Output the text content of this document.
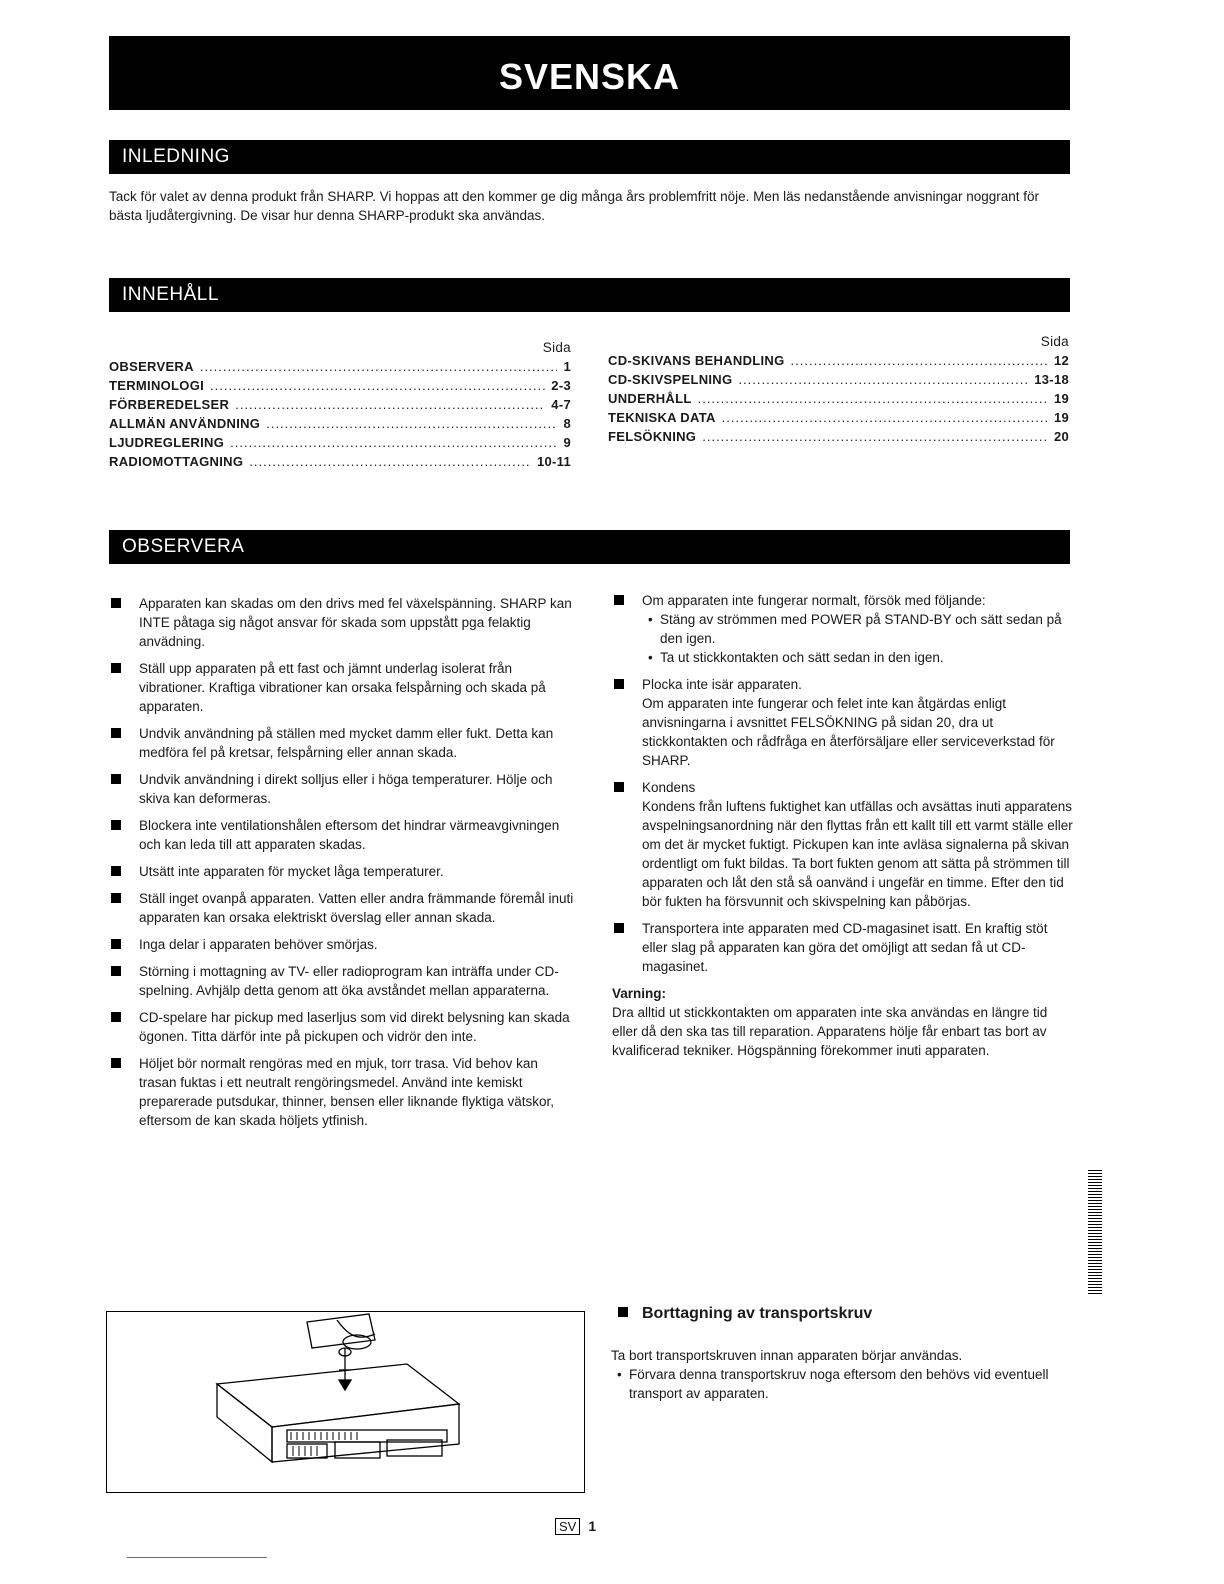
SVENSKA
INLEDNING

Tack för valet av denna produkt från SHARP. Vi hoppas att den kommer ge dig många års problemfritt nöje. Men läs nedanstående anvisningar noggrant för bästa ljudåtergivning. De visar hur denna SHARP-produkt ska användas.

INNEHÅLL
Sida
OBSERVERA .....	1
TERMINOLOGI .....	2-3
FÖRBEREDELSER .....	4-7
ALLMÄN ANVÄNDNING .....	8
LJUDREGLERING .....	9
RADIOMOTTAGNING .....	10-11
Sida
CD-SKIVANS BEHANDLING .....	12
CD-SKIVSPELNING .....	13-18
UNDERHÅLL .....	19
TEKNISKA DATA .....	19
FELSÖKNING .....	20
OBSERVERA
Apparaten kan skadas om den drivs med fel växelspänning. SHARP kan INTE påtaga sig något ansvar för skada som uppstått pga felaktig anvädning.
Ställ upp apparaten på ett fast och jämnt underlag isolerat från vibrationer. Kraftiga vibrationer kan orsaka felspårning och skada på apparaten.
Undvik användning på ställen med mycket damm eller fukt. Detta kan medföra fel på kretsar, felspårning eller annan skada.
Undvik användning i direkt solljus eller i höga temperaturer. Hölje och skiva kan deformeras.
Blockera inte ventilationshålen eftersom det hindrar värmeavgivningen och kan leda till att apparaten skadas.
Utsätt inte apparaten för mycket låga temperaturer.
Ställ inget ovanpå apparaten. Vatten eller andra främmande föremål inuti apparaten kan orsaka elektriskt överslag eller annan skada.
Inga delar i apparaten behöver smörjas.
Störning i mottagning av TV- eller radioprogram kan inträffa under CD-spelning. Avhjälp detta genom att öka avståndet mellan apparaterna.
CD-spelare har pickup med laserljus som vid direkt belysning kan skada ögonen. Titta därför inte på pickupen och vidrör den inte.
Höljet bör normalt rengöras med en mjuk, torr trasa. Vid behov kan trasan fuktas i ett neutralt rengöringsmedel. Använd inte kemiskt preparerade putsdukar, thinner, bensen eller liknande flyktiga vätskor, eftersom de kan skada höljets ytfinish.
Om apparaten inte fungerar normalt, försök med följande:
• Stäng av strömmen med POWER på STAND-BY och sätt sedan på den igen.
• Ta ut stickkontakten och sätt sedan in den igen.
Plocka inte isär apparaten.
Om apparaten inte fungerar och felet inte kan åtgärdas enligt anvisningarna i avsnittet FELSÖKNING på sidan 20, dra ut stickkontakten och rådfråga en återförsäljare eller serviceverkstad för SHARP.
Kondens
Kondens från luftens fuktighet kan utfällas och avsättas inuti apparatens avspelningsanordning när den flyttas från ett kallt till ett varmt ställe eller om det är mycket fuktigt. Pickupen kan inte avläsa signalerna på skivan ordentligt om fukt bildas. Ta bort fukten genom att sätta på strömmen till apparaten och låt den stå så oanvänd i ungefär en timme. Efter den tid bör fukten ha försvunnit och skivspelning kan påbörjas.
Transportera inte apparaten med CD-magasinet isatt. En kraftig stöt eller slag på apparaten kan göra det omöjligt att sedan få ut CD-magasinet.
Varning:
Dra alltid ut stickkontakten om apparaten inte ska användas en längre tid eller då den ska tas till reparation. Apparatens hölje får enbart tas bort av kvalificerad tekniker. Högspänning förekommer inuti apparaten.
Borttagning av transportskruv
Ta bort transportskruven innan apparaten börjar användas.
• Förvara denna transportskruv noga eftersom den behövs vid eventuell transport av apparaten.
SV 1
